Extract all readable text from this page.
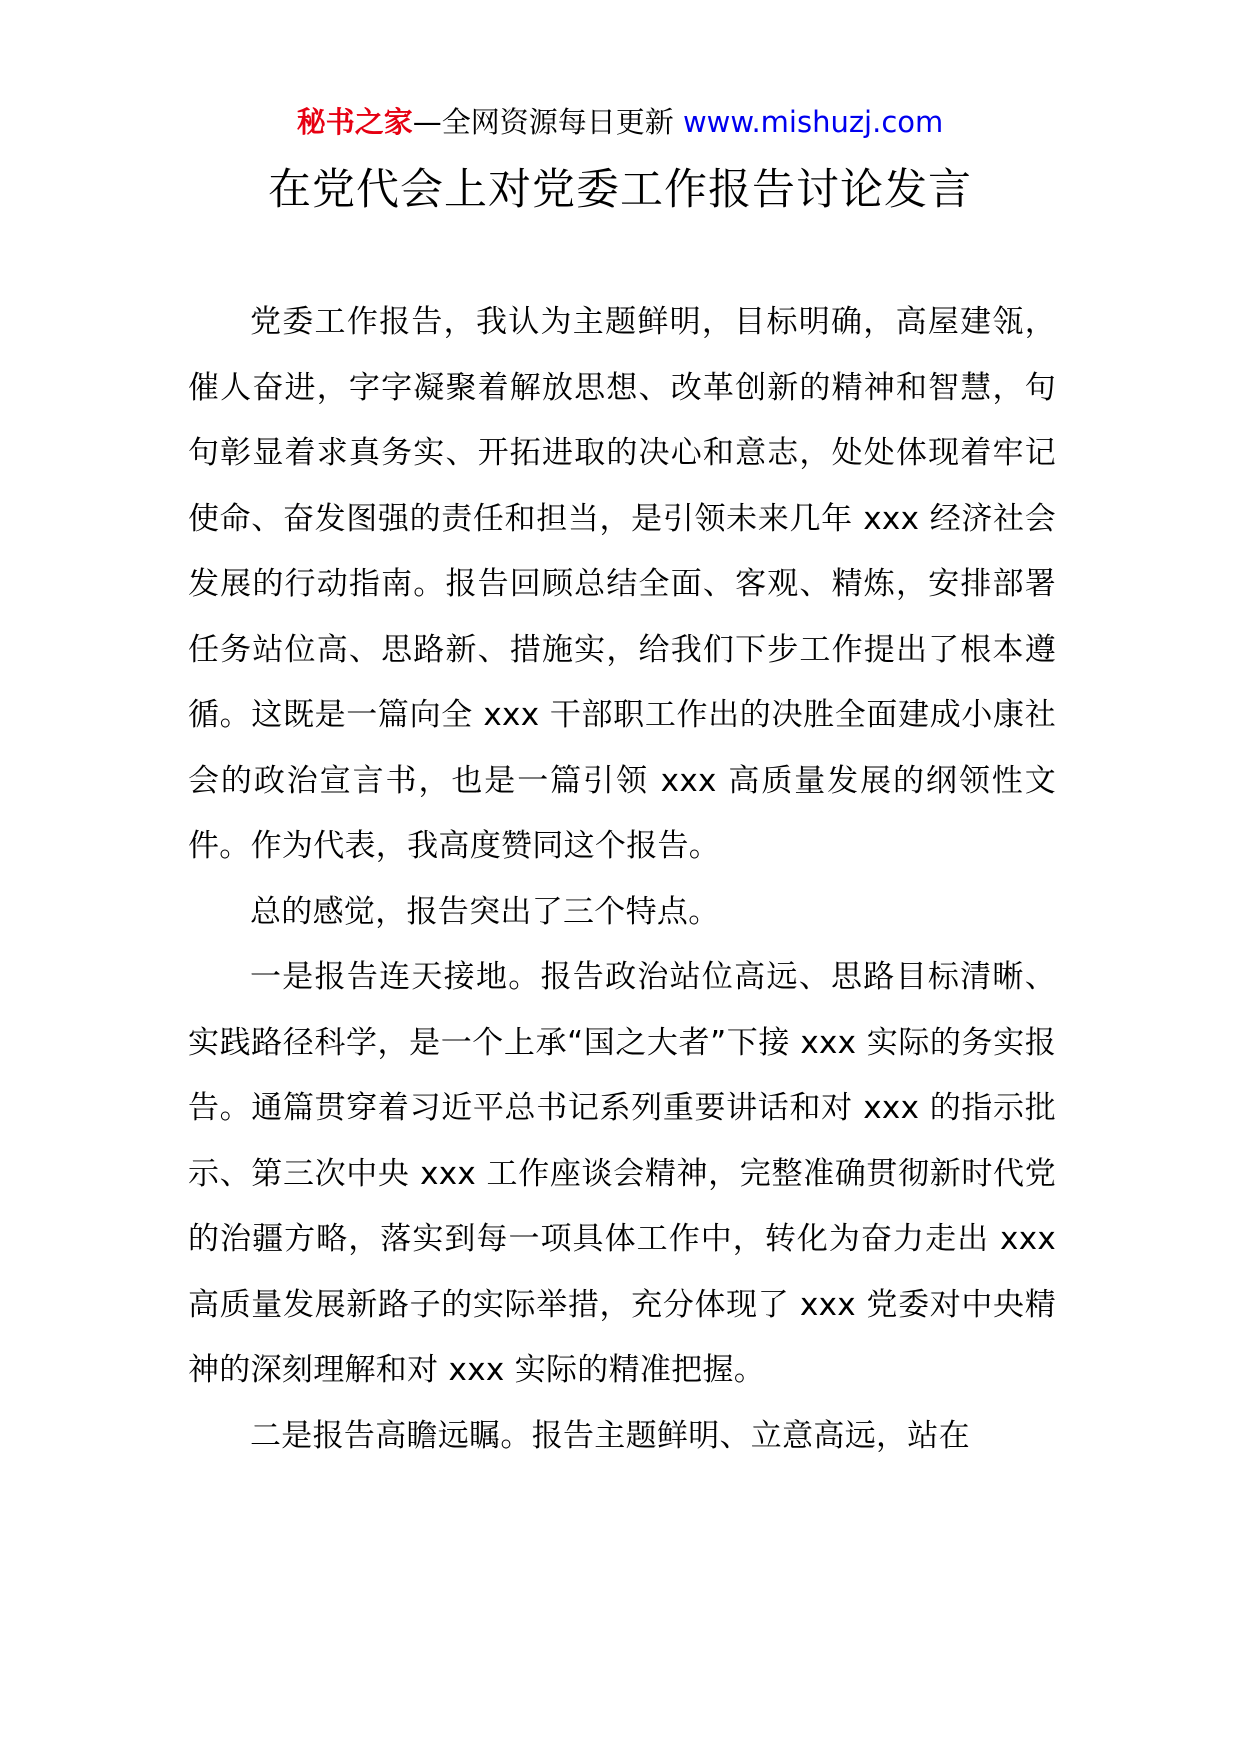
秘书之家—全网资源每日更新 www.mishuzj.com
在党代会上对党委工作报告讨论发言

党委工作报告，我认为主题鲜明，目标明确，高屋建瓴，催人奋进，字字凝聚着解放思想、改革创新的精神和智慧，句句彰显着求真务实、开拓进取的决心和意志，处处体现着牢记使命、奋发图强的责任和担当，是引领未来几年 xxx 经济社会发展的行动指南。报告回顾总结全面、客观、精炼，安排部署任务站位高、思路新、措施实，给我们下步工作提出了根本遵循。这既是一篇向全 xxx 干部职工作出的决胜全面建成小康社会的政治宣言书，也是一篇引领 xxx 高质量发展的纲领性文件。作为代表，我高度赞同这个报告。

总的感觉，报告突出了三个特点。

一是报告连天接地。报告政治站位高远、思路目标清晰、实践路径科学，是一个上承“国之大者”下接 xxx 实际的务实报告。通篇贯穿着习近平总书记系列重要讲话和对 xxx 的指示批示、第三次中央 xxx 工作座谈会精神，完整准确贯彻新时代党的治疆方略，落实到每一项具体工作中，转化为奋力走出 xxx 高质量发展新路子的实际举措，充分体现了 xxx 党委对中央精神的深刻理解和对 xxx 实际的精准把握。

二是报告高瞻远瞩。报告主题鲜明、立意高远，站在
